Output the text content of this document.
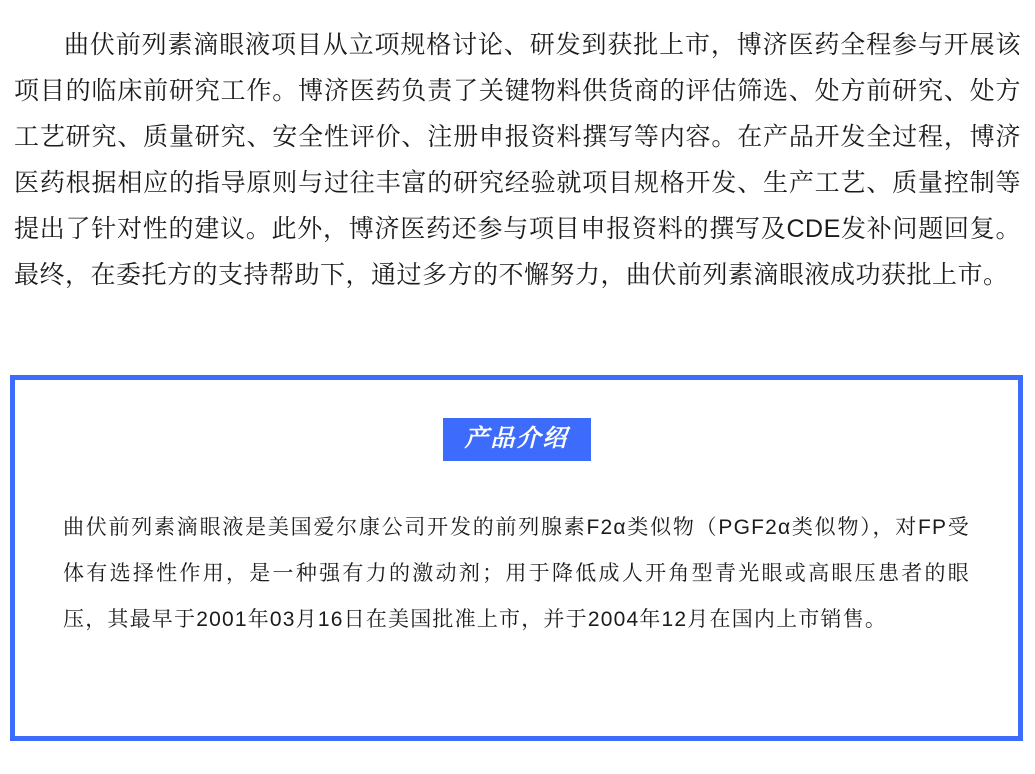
曲伏前列素滴眼液项目从立项规格讨论、研发到获批上市，博济医药全程参与开展该项目的临床前研究工作。博济医药负责了关键物料供货商的评估筛选、处方前研究、处方工艺研究、质量研究、安全性评价、注册申报资料撰写等内容。在产品开发全过程，博济医药根据相应的指导原则与过往丰富的研究经验就项目规格开发、生产工艺、质量控制等提出了针对性的建议。此外，博济医药还参与项目申报资料的撰写及CDE发补问题回复。最终，在委托方的支持帮助下，通过多方的不懈努力，曲伏前列素滴眼液成功获批上市。

产品介绍

曲伏前列素滴眼液是美国爱尔康公司开发的前列腺素F2α类似物（PGF2α类似物），对FP受体有选择性作用，是一种强有力的激动剂；用于降低成人开角型青光眼或高眼压患者的眼压，其最早于2001年03月16日在美国批准上市，并于2004年12月在国内上市销售。
